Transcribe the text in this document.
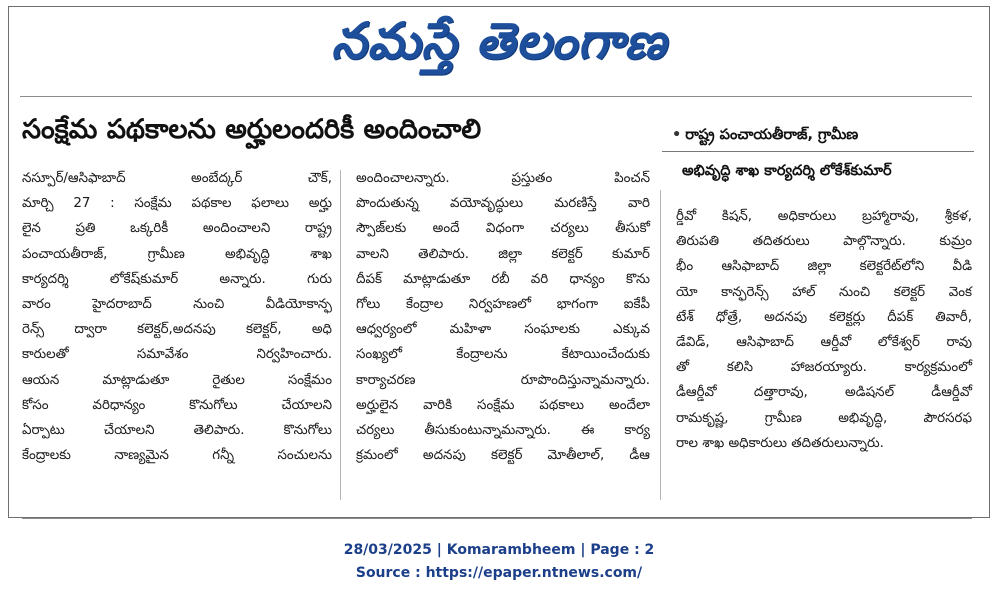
నమస్తే తెలంగాణ
సంక్షేమ పథకాలను అర్హులందరికీ అందించాలి	• రాష్ట్ర పంచాయతీరాజ్, గ్రామీణ
అభివృద్ధి శాఖ కార్యదర్శి లోకేశ్‌కుమార్
నస్పూర్/ఆసిఫాబాద్ అంబేద్కర్ చౌక్,
మార్చి 27 : సంక్షేమ పథకాల ఫలాలు అర్హు
లైన ప్రతి ఒక్కరికీ అందించాలని రాష్ట్ర
పంచాయతీరాజ్, గ్రామీణ అభివృద్ధి శాఖ
కార్యదర్శి లోకేష్‌కుమార్ అన్నారు. గురు
వారం హైదరాబాద్ నుంచి వీడియోకాన్ఫ
రెన్స్ ద్వారా కలెక్టర్,అదనపు కలెక్టర్, అధి
కారులతో సమావేశం నిర్వహించారు.
ఆయన మాట్లాడుతూ రైతుల సంక్షేమం
కోసం వరిధాన్యం కొనుగోలు చేయాలని
ఏర్పాటు చేయాలని తెలిపారు. కొనుగోలు
కేంద్రాలకు నాణ్యమైన గన్నీ సంచులను
అందించాలన్నారు. ప్రస్తుతం పించన్
పొందుతున్న వయోవృద్ధులు మరణిస్తే వారి
స్పౌజ్‌లకు అందే విధంగా చర్యలు తీసుకో
వాలని తెలిపారు. జిల్లా కలెక్టర్ కుమార్
దీపక్ మాట్లాడుతూ రబీ వరి ధాన్యం కొను
గోలు కేంద్రాల నిర్వహణలో భాగంగా ఐకేపీ
ఆధ్వర్యంలో మహిళా సంఘాలకు ఎక్కువ
సంఖ్యలో కేంద్రాలను కేటాయించేందుకు
కార్యాచరణ రూపొందిస్తున్నామన్నారు.
అర్హులైన వారికి సంక్షేమ పథకాలు అందేలా
చర్యలు తీసుకుంటున్నామన్నారు. ఈ కార్య
క్రమంలో అదనపు కలెక్టర్ మోతీలాల్, డీఆ
ర్డీవో కిషన్, అధికారులు బ్రహ్మారావు, శ్రీకళ,
తిరుపతి తదితరులు పాల్గొన్నారు. కుమ్రం
భీం ఆసిఫాబాద్ జిల్లా కలెక్టరేట్‌లోని వీడి
యో కాన్ఫరెన్స్ హాల్ నుంచి కలెక్టర్ వెంక
టేశ్ ధోత్రే, అదనపు కలెక్టర్లు దీపక్ తివారీ,
డేవిడ్, ఆసిఫాబాద్ ఆర్డీవో లోకేశ్వర్ రావు
తో కలిసి హాజరయ్యారు. కార్యక్రమంలో
డీఆర్డీవో దత్తారావు, అడిషనల్ డీఆర్డీవో
రామకృష్ణ, గ్రామీణ అభివృద్ధి, పౌరసరఫ
రాల శాఖ అధికారులు తదితరులున్నారు.
28/03/2025 | Komarambheem | Page : 2
Source : https://epaper.ntnews.com/
